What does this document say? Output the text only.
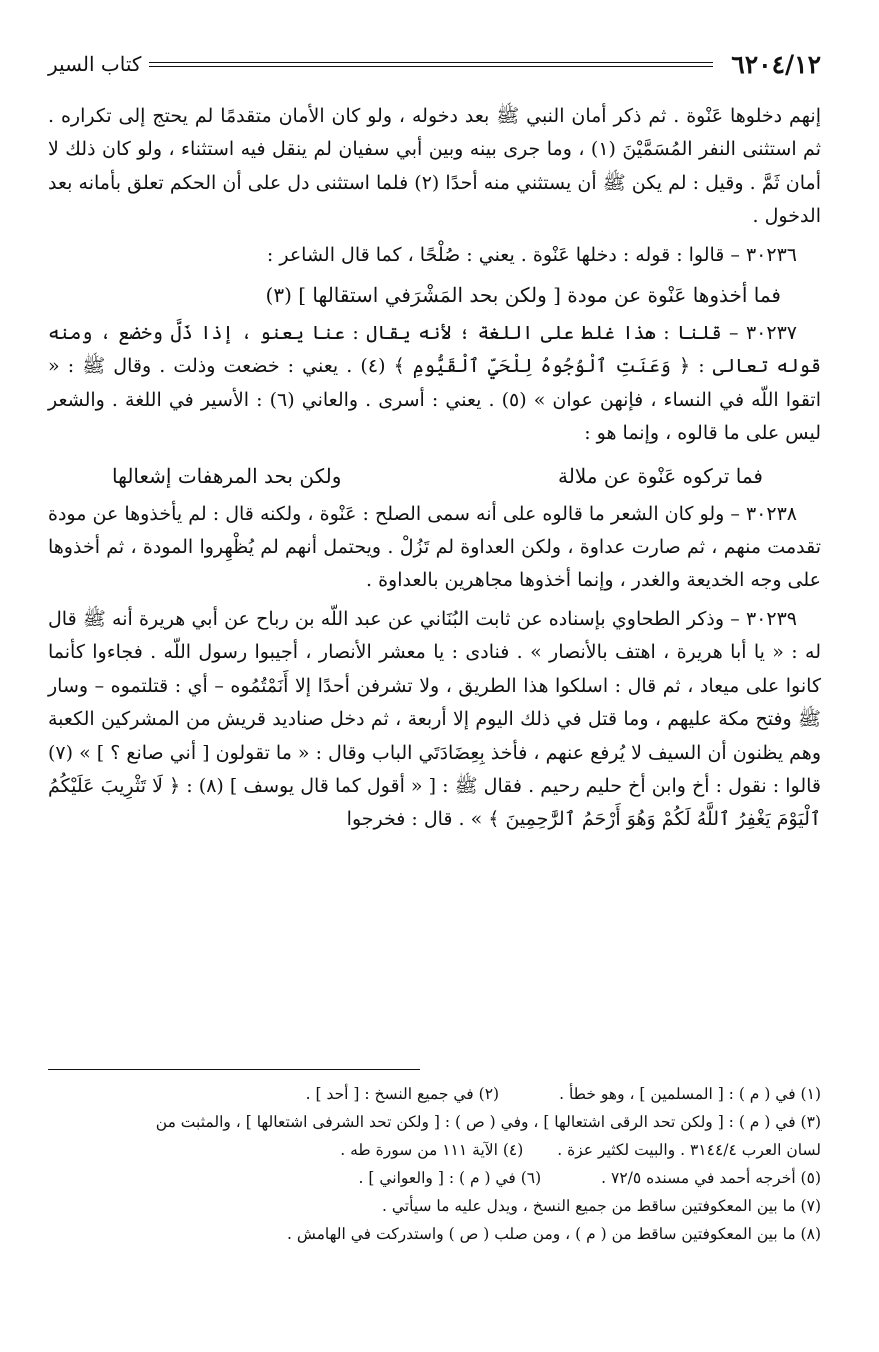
٦٢٠٤/١٢
كتاب السير

إنهم دخلوها عَنْوة . ثم ذكر أمان النبي ﷺ بعد دخوله ، ولو كان الأمان متقدمًا لم يحتج إلى تكراره . ثم استثنى النفر المُسَمَّيْنَ (١) ، وما جرى بينه وبين أبي سفيان لم ينقل فيه استثناء ، ولو كان ذلك لا أمان ثَمَّ . وقيل : لم يكن ﷺ أن يستثني منه أحدًا (٢) فلما استثنى دل على أن الحكم تعلق بأمانه بعد الدخول .

٣٠٢٣٦ – قالوا : قوله : دخلها عَنْوة . يعني : صُلْحًا ، كما قال الشاعر :

فما أخذوها عَنْوة عن مودة [ ولكن بحد المَشْرَفي استقالها ] (٣)

٣٠٢٣٧ – قلنا : هذا غلط على اللغة ؛ لأنه يقال : عنا يعنو ، إذا ذَلَّ وخضع ، ومنه قوله تعالى : ﴿ وَعَنَتِ ٱلْوُجُوهُ لِلْحَيِّ ٱلْقَيُّومِ ﴾ (٤) . يعني : خضعت وذلت . وقال ﷺ : « اتقوا اللّه في النساء ، فإنهن عوان » (٥) . يعني : أسرى . والعاني (٦) : الأسير في اللغة . والشعر ليس على ما قالوه ، وإنما هو :

فما تركوه عَنْوة عن ملالة
ولكن بحد المرهفات إشعالها

٣٠٢٣٨ – ولو كان الشعر ما قالوه على أنه سمى الصلح : عَنْوة ، ولكنه قال : لم يأخذوها عن مودة تقدمت منهم ، ثم صارت عداوة ، ولكن العداوة لم تَزُلْ . ويحتمل أنهم لم يُظْهِروا المودة ، ثم أخذوها على وجه الخديعة والغدر ، وإنما أخذوها مجاهرين بالعداوة .

٣٠٢٣٩ – وذكر الطحاوي بإسناده عن ثابت البُنَاني عن عبد اللّه بن رباح عن أبي هريرة أنه ﷺ قال له : « يا أبا هريرة ، اهتف بالأنصار » . فنادى : يا معشر الأنصار ، أجيبوا رسول اللّه . فجاءوا كأنما كانوا على ميعاد ، ثم قال : اسلكوا هذا الطريق ، ولا تشرفن أحدًا إلا أَنَمْتُمُوه – أي : قتلتموه – وسار ﷺ وفتح مكة عليهم ، وما قتل في ذلك اليوم إلا أربعة ، ثم دخل صناديد قريش من المشركين الكعبة وهم يظنون أن السيف لا يُرفع عنهم ، فأخذ بِعِضَادَتَي الباب وقال : « ما تقولون [ أني صانع ؟ ] » (٧) قالوا : نقول : أخ وابن أخ حليم رحيم . فقال ﷺ : [ « أقول كما قال يوسف ] (٨) : ﴿ لَا تَثْرِيبَ عَلَيْكُمُ ٱلْيَوْمَ يَغْفِرُ ٱللَّهُ لَكُمْ وَهُوَ أَرْحَمُ ٱلرَّٰحِمِينَ ﴾ » . قال : فخرجوا

(١) في ( م ) : [ المسلمين ] ، وهو خطأ .
(٢) في جميع النسخ : [ أحد ] .
(٣) في ( م ) : [ ولكن تحد الرقى اشتعالها ] ، وفي ( ص ) : [ ولكن تحد الشرفى اشتعالها ] ، والمثبت من
لسان العرب ٣١٤٤/٤ . والبيت لكثير عزة .
(٤) الآية ١١١ من سورة طه .
(٥) أخرجه أحمد في مسنده ٧٢/٥ .
(٦) في ( م ) : [ والعواني ] .
(٧) ما بين المعكوفتين ساقط من جميع النسخ ، ويدل عليه ما سيأتي .
(٨) ما بين المعكوفتين ساقط من ( م ) ، ومن صلب ( ص ) واستدركت في الهامش .
